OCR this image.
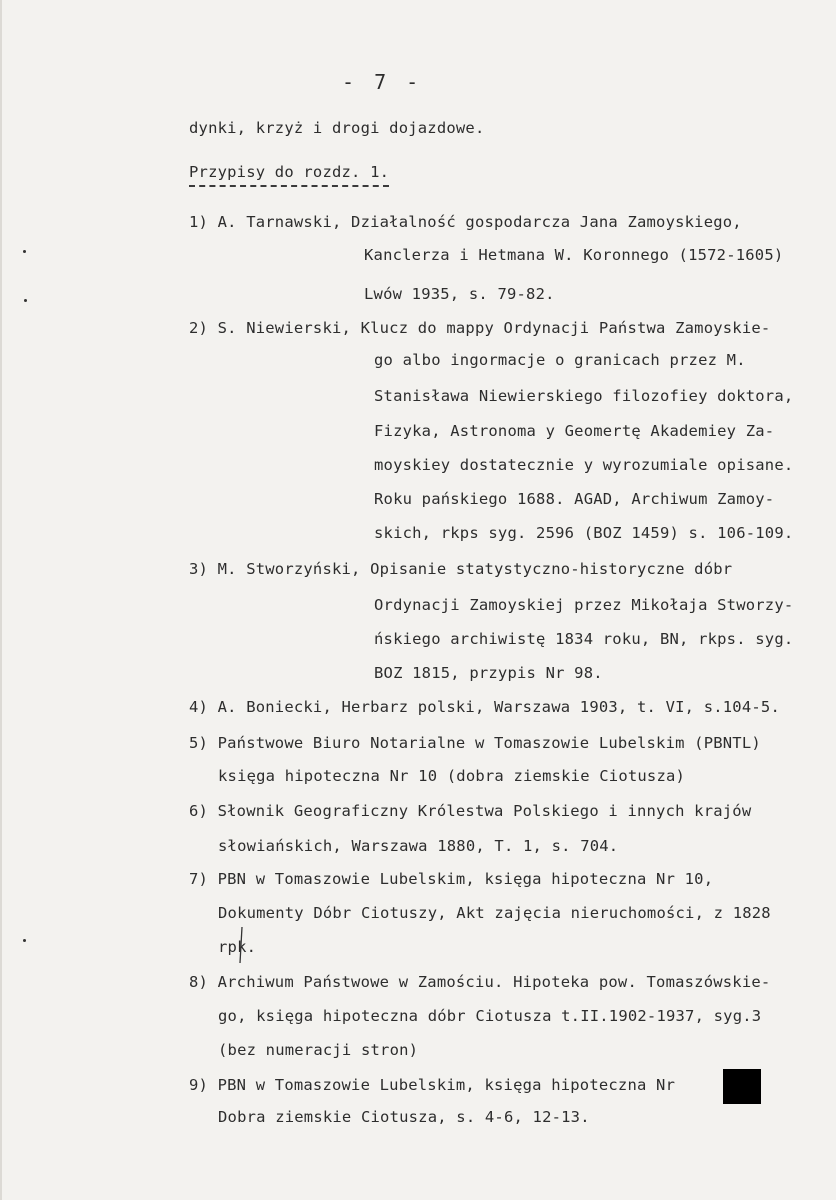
- 7 -
dynki, krzyż i drogi dojazdowe.
Przypisy do rozdz. 1.
1) A. Tarnawski, Działalność gospodarcza Jana Zamoyskiego,
Kanclerza i Hetmana W. Koronnego (1572-1605)
Lwów 1935, s. 79-82.
2) S. Niewierski, Klucz do mappy Ordynacji Państwa Zamoyskie-
go albo ingormacje o granicach przez M.
Stanisława Niewierskiego filozofiey doktora,
Fizyka, Astronoma y Geomertę Akademiey Za-
moyskiey dostatecznie y wyrozumiale opisane.
Roku pańskiego 1688. AGAD, Archiwum Zamoy-
skich, rkps syg. 2596 (BOZ 1459) s. 106-109.
3) M. Stworzyński, Opisanie statystyczno-historyczne dóbr
Ordynacji Zamoyskiej przez Mikołaja Stworzy-
ńskiego archiwistę 1834 roku, BN, rkps. syg.
BOZ 1815, przypis Nr 98.
4) A. Boniecki, Herbarz polski, Warszawa 1903, t. VI, s.104-5.
5) Państwowe Biuro Notarialne w Tomaszowie Lubelskim (PBNTL)
księga hipoteczna Nr 10 (dobra ziemskie Ciotusza)
6) Słownik Geograficzny Królestwa Polskiego i innych krajów
słowiańskich, Warszawa 1880, T. 1, s. 704.
7) PBN w Tomaszowie Lubelskim, księga hipoteczna Nr 10,
Dokumenty Dóbr Ciotuszy, Akt zajęcia nieruchomości, z 1828
rpk.
8) Archiwum Państwowe w Zamościu. Hipoteka pow. Tomaszówskie-
go, księga hipoteczna dóbr Ciotusza t.II.1902-1937, syg.3
(bez numeracji stron)
9) PBN w Tomaszowie Lubelskim, księga hipoteczna Nr
Dobra ziemskie Ciotusza, s. 4-6, 12-13.
